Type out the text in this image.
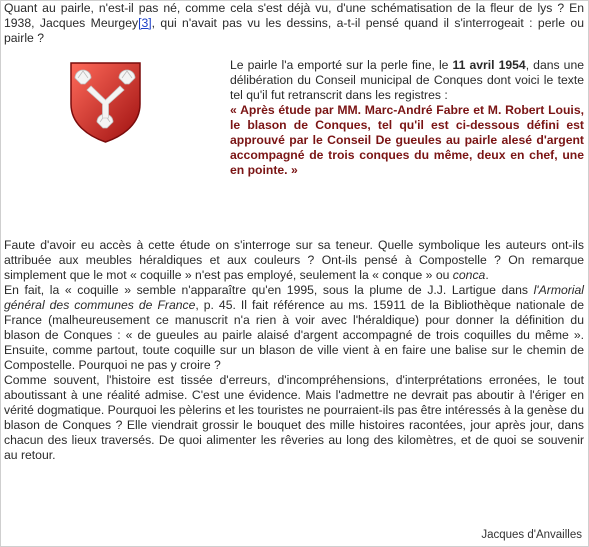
Quant au pairle, n'est-il pas né, comme cela s'est déjà vu, d'une schématisation de la fleur de lys ? En 1938, Jacques Meurgey[3], qui n'avait pas vu les dessins, a-t-il pensé quand il s'interrogeait : perle ou pairle ?
Le pairle l'a emporté sur la perle fine, le 11 avril 1954, dans une délibération du Conseil municipal de Conques dont voici le texte tel qu'il fut retranscrit dans les registres :
« Après étude par MM. Marc-André Fabre et M. Robert Louis, le blason de Conques, tel qu'il est ci-dessous défini est approuvé par le Conseil De gueules au pairle alesé d'argent accompagné de trois conques du même, deux en chef, une en pointe. »

Faute d'avoir eu accès à cette étude on s'interroge sur sa teneur. Quelle symbolique les auteurs ont-ils attribuée aux meubles héraldiques et aux couleurs ? Ont-ils pensé à Compostelle ? On remarque simplement que le mot « coquille » n'est pas employé, seulement la « conque » ou conca.

En fait, la « coquille » semble n'apparaître qu'en 1995, sous la plume de J.J. Lartigue dans l'Armorial général des communes de France, p. 45. Il fait référence au ms. 15911 de la Bibliothèque nationale de France (malheureusement ce manuscrit n'a rien à voir avec l'héraldique) pour donner la définition du blason de Conques : « de gueules au pairle alaisé d'argent accompagné de trois coquilles du même ». Ensuite, comme partout, toute coquille sur un blason de ville vient à en faire une balise sur le chemin de Compostelle. Pourquoi ne pas y croire ?

Comme souvent, l'histoire est tissée d'erreurs, d'incompréhensions, d'interprétations erronées, le tout aboutissant à une réalité admise. C'est une évidence. Mais l'admettre ne devrait pas aboutir à l'ériger en vérité dogmatique. Pourquoi les pèlerins et les touristes ne pourraient-ils pas être intéressés à la genèse du blason de Conques ? Elle viendrait grossir le bouquet des mille histoires racontées, jour après jour, dans chacun des lieux traversés. De quoi alimenter les rêveries au long des kilomètres, et de quoi se souvenir au retour.

Jacques d'Anvailles
